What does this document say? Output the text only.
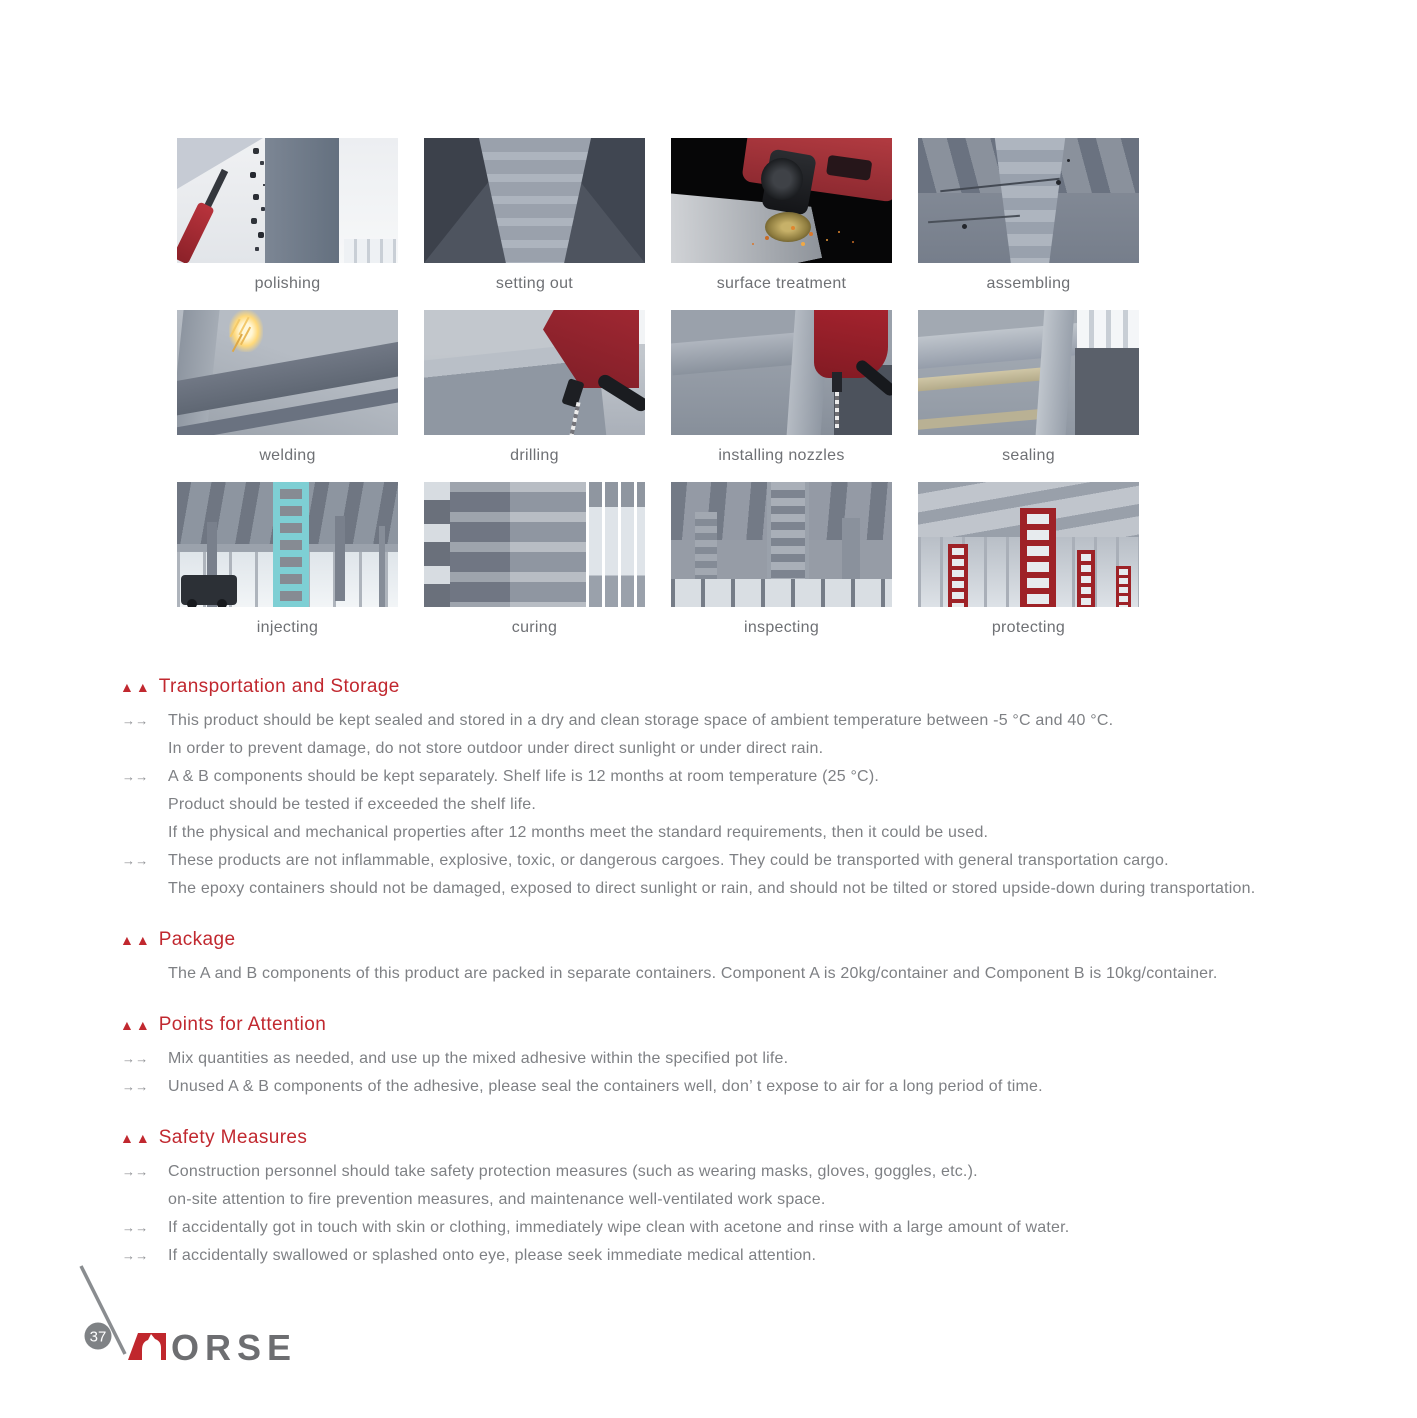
polishing	setting out	surface treatment	assembling
welding	drilling	installing nozzles	sealing
injecting	curing	inspecting	protecting
▲▲ Transportation and Storage
→→	This product should be kept sealed and stored in a dry and clean storage space of ambient temperature between -5 °C and 40 °C.
In order to prevent damage, do not store outdoor under direct sunlight or under direct rain.
→→	A & B components should be kept separately. Shelf life is 12 months at room temperature (25 °C).
Product should be tested if exceeded the shelf life.
If the physical and mechanical properties after 12 months meet the standard requirements, then it could be used.
→→	These products are not inflammable, explosive, toxic, or dangerous cargoes. They could be transported with general transportation cargo.
The epoxy containers should not be damaged, exposed to direct sunlight or rain, and should not be tilted or stored upside-down during transportation.
▲▲ Package
The A and B components of this product are packed in separate containers. Component A is 20kg/container and Component B is 10kg/container.
▲▲ Points for Attention
→→	Mix quantities as needed, and use up the mixed adhesive within the specified pot life.
→→	Unused A & B components of the adhesive, please seal the containers well, don’ t expose to air for a long period of time.
▲▲ Safety Measures
→→	Construction personnel should take safety protection measures (such as wearing masks, gloves, goggles, etc.).
on-site attention to fire prevention measures, and maintenance well-ventilated work space.
→→	If accidentally got in touch with skin or clothing, immediately wipe clean with acetone and rinse with a large amount of water.
→→	If accidentally swallowed or splashed onto eye, please seek immediate medical attention.
37 ORSE
